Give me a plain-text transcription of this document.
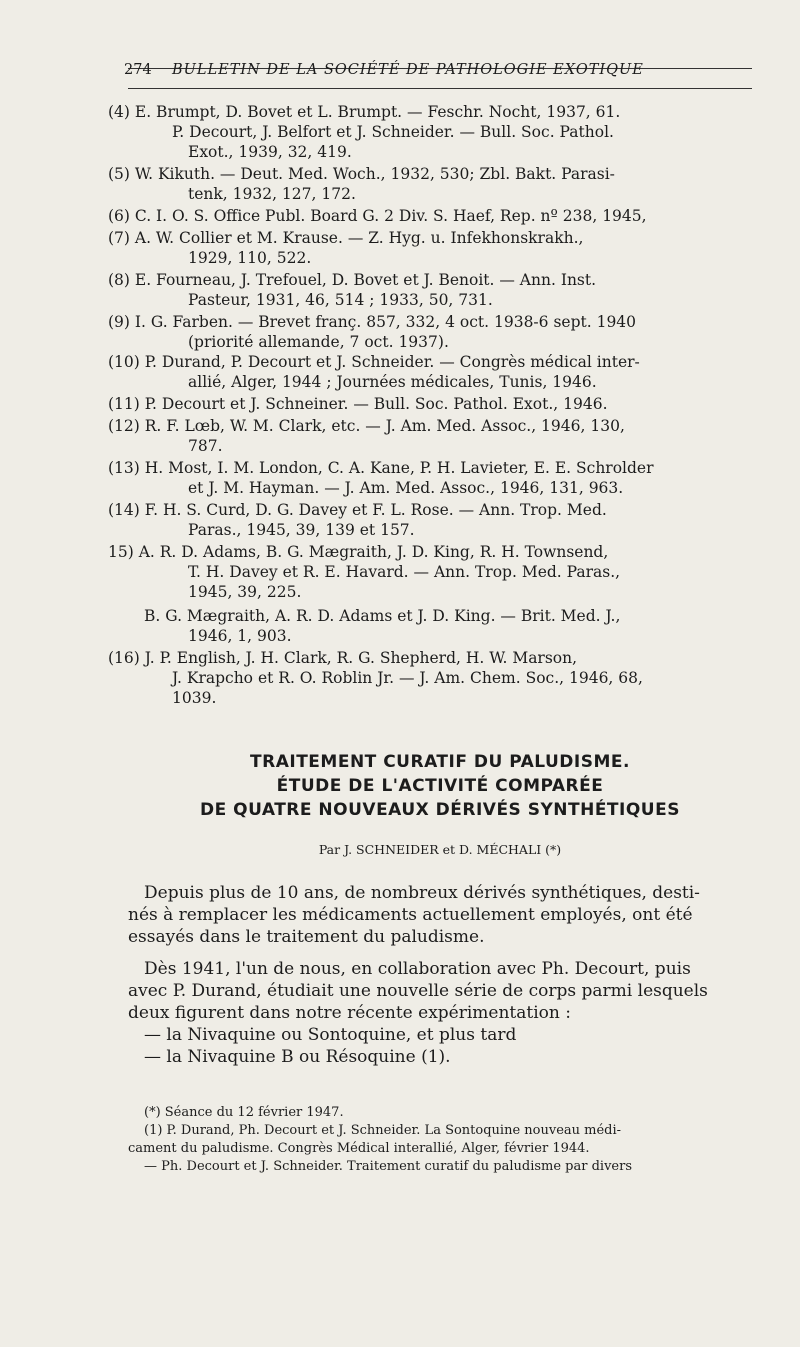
274 BULLETIN DE LA SOCIÉTÉ DE PATHOLOGIE EXOTIQUE
(4) E. Brumpt, D. Bovet et L. Brumpt. — Feschr. Nocht, 1937, 61.
P. Decourt, J. Belfort et J. Schneider. — Bull. Soc. Pathol.
Exot., 1939, 32, 419.
(5) W. Kikuth. — Deut. Med. Woch., 1932, 530; Zbl. Bakt. Parasi-
tenk, 1932, 127, 172.
(6) C. I. O. S. Office Publ. Board G. 2 Div. S. Haef, Rep. nº 238, 1945,
(7) A. W. Collier et M. Krause. — Z. Hyg. u. Infekhonskrakh.,
1929, 110, 522.
(8) E. Fourneau, J. Trefouel, D. Bovet et J. Benoit. — Ann. Inst.
Pasteur, 1931, 46, 514 ; 1933, 50, 731.
(9) I. G. Farben. — Brevet franç. 857, 332, 4 oct. 1938-6 sept. 1940
(priorité allemande, 7 oct. 1937).
(10) P. Durand, P. Decourt et J. Schneider. — Congrès médical inter-
allié, Alger, 1944 ; Journées médicales, Tunis, 1946.
(11) P. Decourt et J. Schneiner. — Bull. Soc. Pathol. Exot., 1946.
(12) R. F. Lœb, W. M. Clark, etc. — J. Am. Med. Assoc., 1946, 130,
787.
(13) H. Most, I. M. London, C. A. Kane, P. H. Lavieter, E. E. Schrolder
et J. M. Hayman. — J. Am. Med. Assoc., 1946, 131, 963.
(14) F. H. S. Curd, D. G. Davey et F. L. Rose. — Ann. Trop. Med.
Paras., 1945, 39, 139 et 157.
15) A. R. D. Adams, B. G. Mægraith, J. D. King, R. H. Townsend,
T. H. Davey et R. E. Havard. — Ann. Trop. Med. Paras.,
1945, 39, 225.
B. G. Mægraith, A. R. D. Adams et J. D. King. — Brit. Med. J.,
1946, 1, 903.
(16) J. P. English, J. H. Clark, R. G. Shepherd, H. W. Marson,
J. Krapcho et R. O. Roblin Jr. — J. Am. Chem. Soc., 1946, 68,
1039.
TRAITEMENT CURATIF DU PALUDISME.
ÉTUDE DE L'ACTIVITÉ COMPARÉE
DE QUATRE NOUVEAUX DÉRIVÉS SYNTHÉTIQUES
Par J. SCHNEIDER et D. MÉCHALI (*)
Depuis plus de 10 ans, de nombreux dérivés synthétiques, desti-
nés à remplacer les médicaments actuellement employés, ont été
essayés dans le traitement du paludisme.
Dès 1941, l'un de nous, en collaboration avec Ph. Decourt, puis
avec P. Durand, étudiait une nouvelle série de corps parmi lesquels
deux figurent dans notre récente expérimentation :
— la Nivaquine ou Sontoquine, et plus tard
— la Nivaquine B ou Résoquine (1).
(*) Séance du 12 février 1947.
(1) P. Durand, Ph. Decourt et J. Schneider. La Sontoquine nouveau médi-
cament du paludisme. Congrès Médical interallié, Alger, février 1944.
— Ph. Decourt et J. Schneider. Traitement curatif du paludisme par divers
